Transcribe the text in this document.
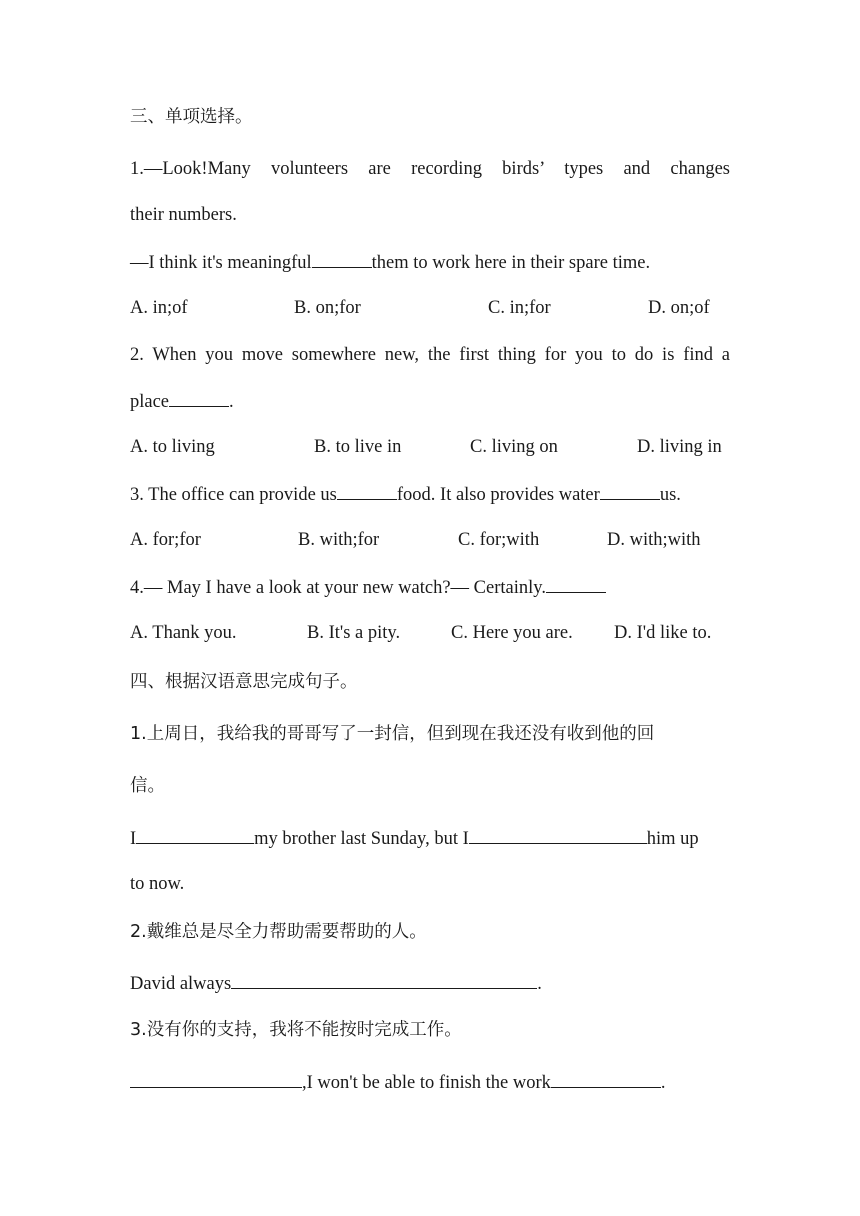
三、单项选择。
1.—Look!Many volunteers are recording birds’ types and changes
their numbers.
—I think it's meaningful	them to work here in their spare time.
A. in;of	B. on;for	C. in;for	D. on;of
2. When you move somewhere new, the first thing for you to do is find a
place	.
A. to living	B. to live in	C. living on	D. living in
3. The office can provide us	food. It also provides water	us.
A. for;for	B. with;for	C. for;with	D. with;with
4.— May I have a look at your new watch?— Certainly.
A. Thank you.	B. It's a pity.	C. Here you are. D. I'd like to.
四、根据汉语意思完成句子。
1.上周日，我给我的哥哥写了一封信，但到现在我还没有收到他的回
信。
I	my brother last Sunday, but I	him up
to now.
2.戴维总是尽全力帮助需要帮助的人。
David always	.
3.没有你的支持，我将不能按时完成工作。
,I won't be able to finish the work	.
